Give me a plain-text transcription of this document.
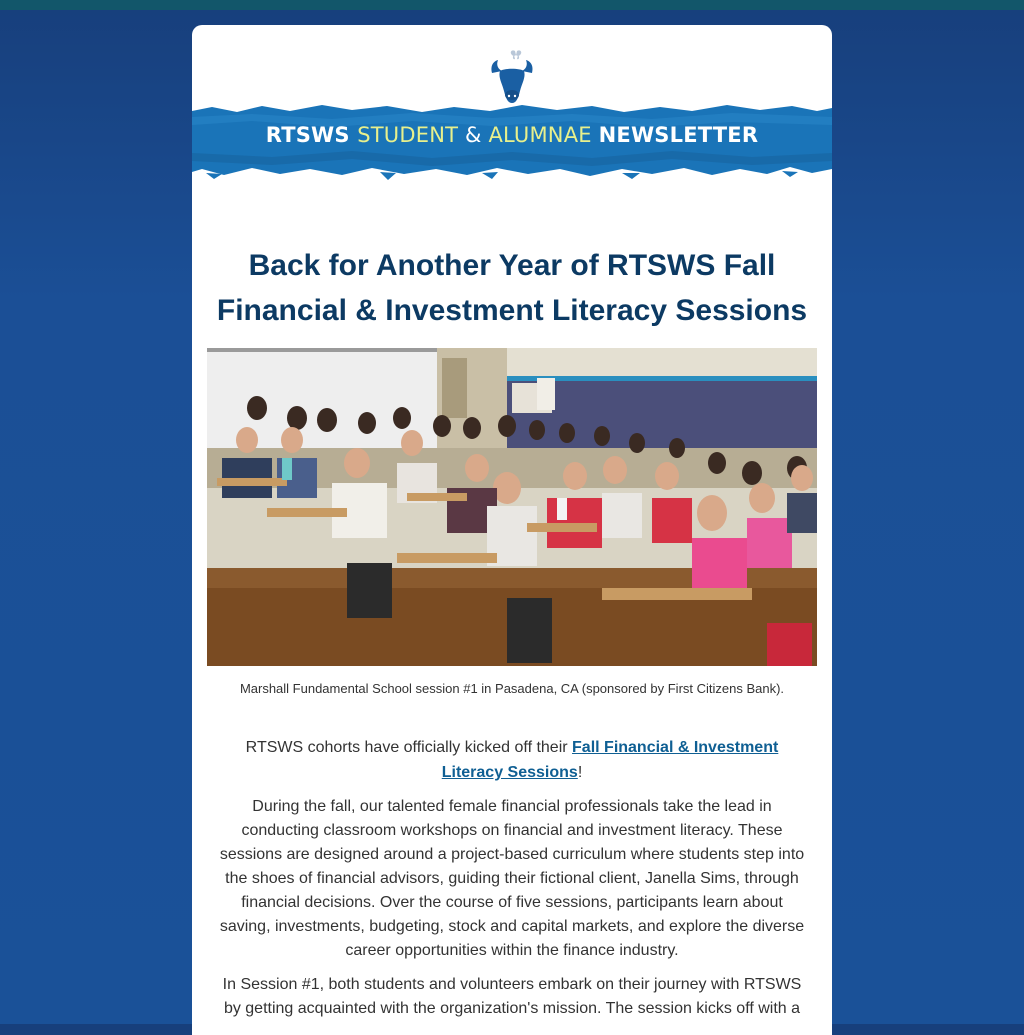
RTSWS STUDENT & ALUMNAE NEWSLETTER
Back for Another Year of RTSWS Fall Financial & Investment Literacy Sessions
Marshall Fundamental School session #1 in Pasadena, CA (sponsored by First Citizens Bank).

RTSWS cohorts have officially kicked off their Fall Financial & Investment Literacy Sessions!

During the fall, our talented female financial professionals take the lead in conducting classroom workshops on financial and investment literacy. These sessions are designed around a project-based curriculum where students step into the shoes of financial advisors, guiding their fictional client, Janella Sims, through financial decisions. Over the course of five sessions, participants learn about saving, investments, budgeting, stock and capital markets, and explore the diverse career opportunities within the finance industry.

In Session #1, both students and volunteers embark on their journey with RTSWS by getting acquainted with the organization's mission. The session kicks off with a
